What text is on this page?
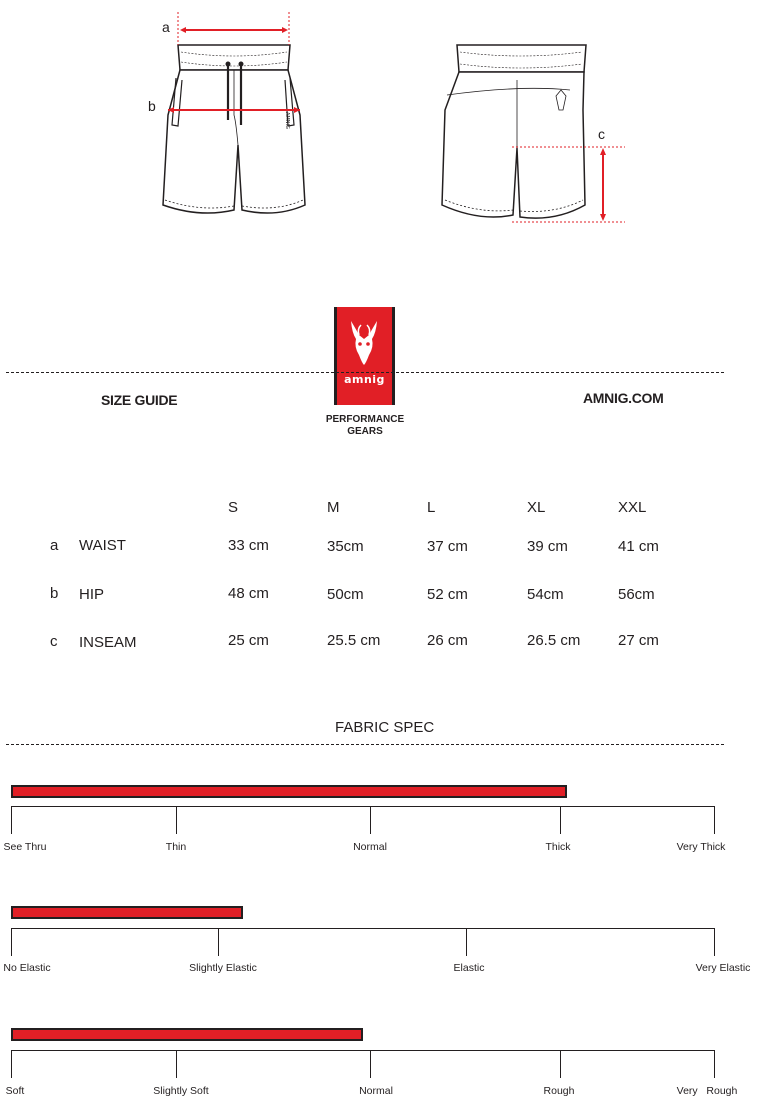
AMNIG
a
b
c
amnig
PERFORMANCE
GEARS
SIZE GUIDE	AMNIG.COM
S	M	L	XL	XXL
a WAIST	33 cm	35cm	37 cm	39 cm	41 cm
b HIP	48 cm	50cm	52 cm	54cm	56cm
c INSEAM	25 cm	25.5 cm	26 cm	26.5 cm	27 cm
FABRIC SPEC
See Thru	Thin	Normal	Thick	Very Thick
No Elastic	Slightly Elastic	Elastic	Very Elastic
Soft	Slightly Soft	Normal	Rough	Very   Rough
